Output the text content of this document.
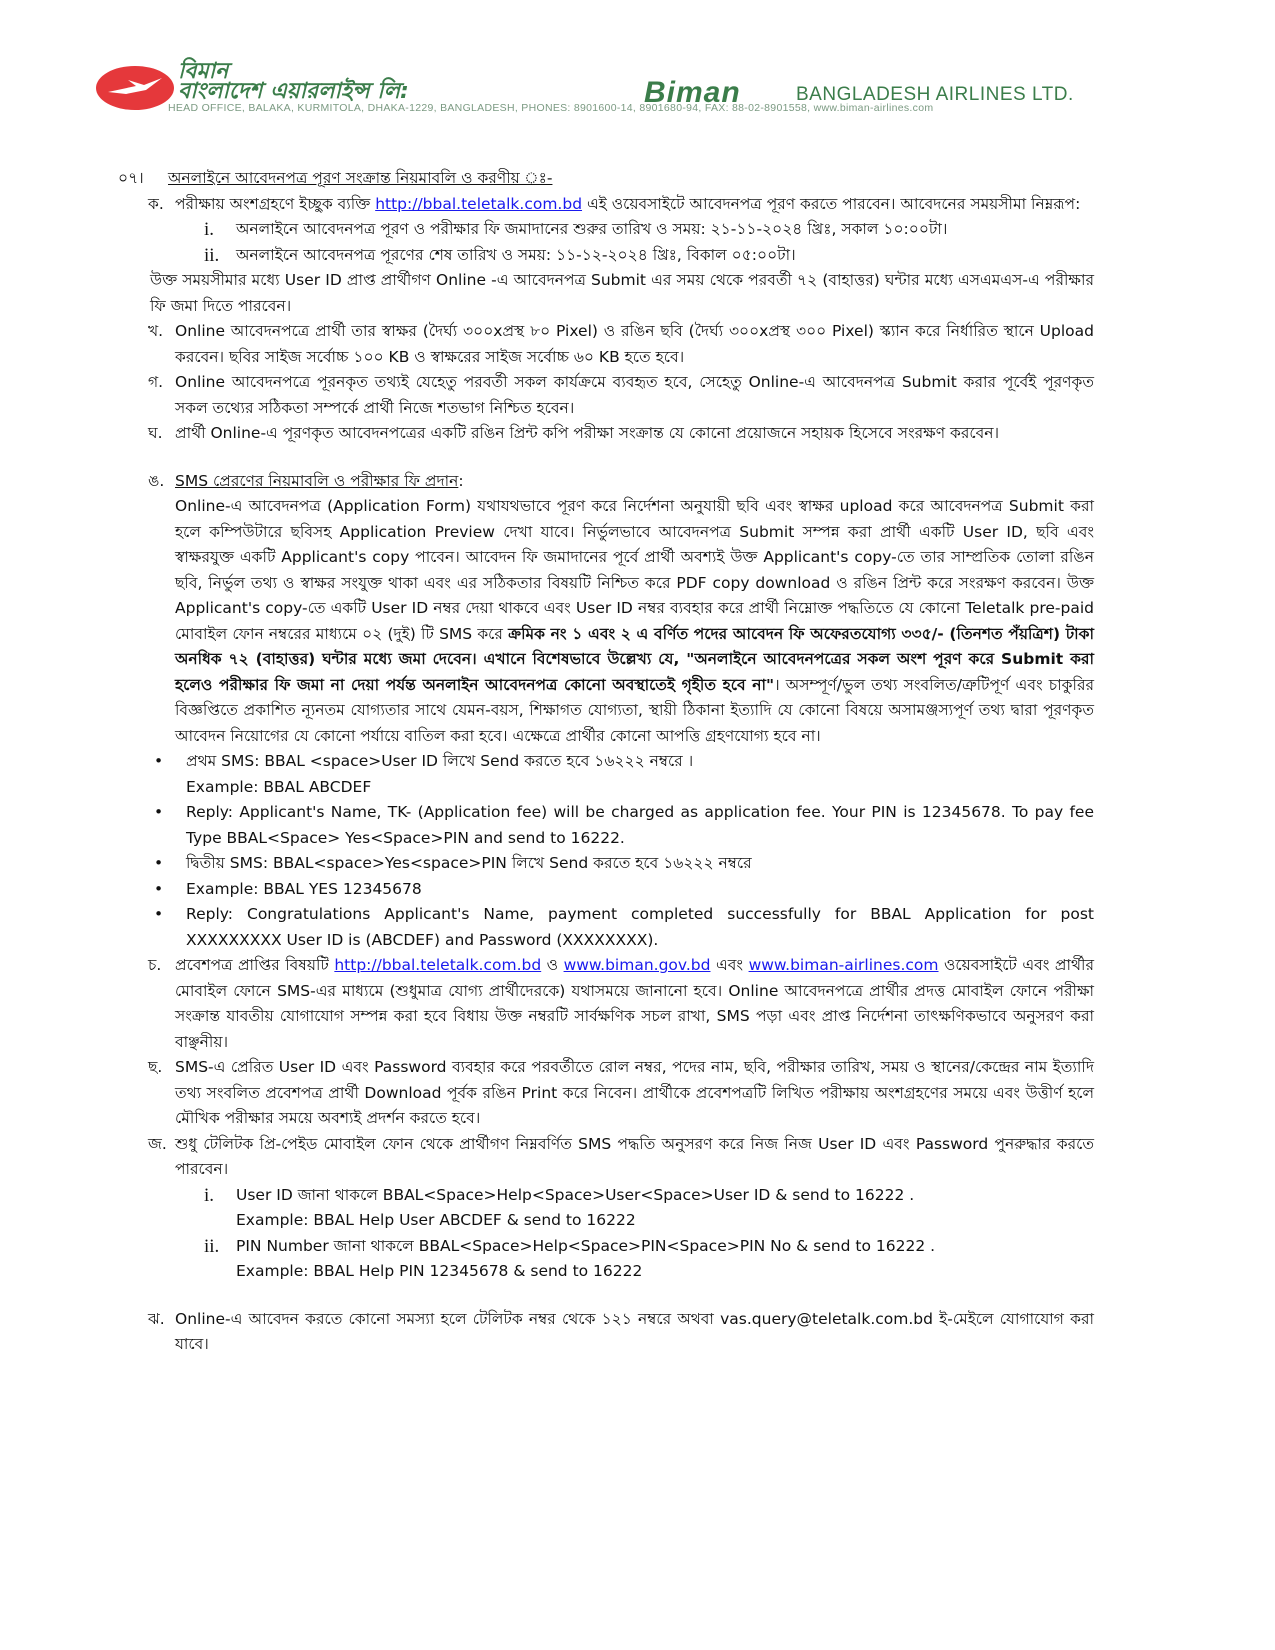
বিমান
বাংলাদেশ এয়ারলাইন্স লি:	Biman	BANGLADESH AIRLINES LTD.
HEAD OFFICE, BALAKA, KURMITOLA, DHAKA-1229, BANGLADESH, PHONES: 8901600-14, 8901680-94, FAX: 88-02-8901558, www.biman-airlines.com
০৭। অনলাইনে আবেদনপত্র পূরণ সংক্রান্ত নিয়মাবলি ও করণীয় ঃ-
ক. পরীক্ষায় অংশগ্রহণে ইচ্ছুক ব্যক্তি http://bbal.teletalk.com.bd এই ওয়েবসাইটে আবেদনপত্র পূরণ করতে পারবেন। আবেদনের সময়সীমা নিম্নরূপ:
i. অনলাইনে আবেদনপত্র পূরণ ও পরীক্ষার ফি জমাদানের শুরুর তারিখ ও সময়: ২১-১১-২০২৪ খ্রিঃ, সকাল ১০:০০টা।
ii. অনলাইনে আবেদনপত্র পূরণের শেষ তারিখ ও সময়: ১১-১২-২০২৪ খ্রিঃ, বিকাল ০৫:০০টা।
উক্ত সময়সীমার মধ্যে User ID প্রাপ্ত প্রার্থীগণ Online -এ আবেদনপত্র Submit এর সময় থেকে পরবর্তী ৭২ (বাহাত্তর) ঘন্টার মধ্যে এসএমএস-এ পরীক্ষার ফি জমা দিতে পারবেন।
খ. Online আবেদনপত্রে প্রার্থী তার স্বাক্ষর (দৈর্ঘ্য ৩০০xপ্রস্থ ৮০ Pixel) ও রঙিন ছবি (দৈর্ঘ্য ৩০০xপ্রস্থ ৩০০ Pixel) স্ক্যান করে নির্ধারিত স্থানে Upload করবেন। ছবির সাইজ সর্বোচ্চ ১০০ KB ও স্বাক্ষরের সাইজ সর্বোচ্চ ৬০ KB হতে হবে।
গ. Online আবেদনপত্রে পূরনকৃত তথ্যই যেহেতু পরবর্তী সকল কার্যক্রমে ব্যবহৃত হবে, সেহেতু Online-এ আবেদনপত্র Submit করার পূর্বেই পূরণকৃত সকল তথ্যের সঠিকতা সম্পর্কে প্রার্থী নিজে শতভাগ নিশ্চিত হবেন।
ঘ. প্রার্থী Online-এ পূরণকৃত আবেদনপত্রের একটি রঙিন প্রিন্ট কপি পরীক্ষা সংক্রান্ত যে কোনো প্রয়োজনে সহায়ক হিসেবে সংরক্ষণ করবেন।
ঙ. SMS প্রেরণের নিয়মাবলি ও পরীক্ষার ফি প্রদান:
Online-এ আবেদনপত্র (Application Form) যথাযথভাবে পূরণ করে নির্দেশনা অনুযায়ী ছবি এবং স্বাক্ষর upload করে আবেদনপত্র Submit করা হলে কম্পিউটারে ছবিসহ Application Preview দেখা যাবে। নির্ভুলভাবে আবেদনপত্র Submit সম্পন্ন করা প্রার্থী একটি User ID, ছবি এবং স্বাক্ষরযুক্ত একটি Applicant's copy পাবেন। আবেদন ফি জমাদানের পূর্বে প্রার্থী অবশ্যই উক্ত Applicant's copy-তে তার সাম্প্রতিক তোলা রঙিন ছবি, নির্ভুল তথ্য ও স্বাক্ষর সংযুক্ত থাকা এবং এর সঠিকতার বিষয়টি নিশ্চিত করে PDF copy download ও রঙিন প্রিন্ট করে সংরক্ষণ করবেন। উক্ত Applicant's copy-তে একটি User ID নম্বর দেয়া থাকবে এবং User ID নম্বর ব্যবহার করে প্রার্থী নিম্নোক্ত পদ্ধতিতে যে কোনো Teletalk pre-paid মোবাইল ফোন নম্বরের মাধ্যমে ০২ (দুই) টি SMS করে ক্রমিক নং ১ এবং ২ এ বর্ণিত পদের আবেদন ফি অফেরতযোগ্য ৩৩৫/- (তিনশত পঁয়ত্রিশ) টাকা অনধিক ৭২ (বাহাত্তর) ঘন্টার মধ্যে জমা দেবেন। এখানে বিশেষভাবে উল্লেখ্য যে, "অনলাইনে আবেদনপত্রের সকল অংশ পূরণ করে Submit করা হলেও পরীক্ষার ফি জমা না দেয়া পর্যন্ত অনলাইন আবেদনপত্র কোনো অবস্থাতেই গৃহীত হবে না"। অসম্পূর্ণ/ভুল তথ্য সংবলিত/ত্রুটিপূর্ণ এবং চাকুরির বিজ্ঞপ্তিতে প্রকাশিত ন্যূনতম যোগ্যতার সাথে যেমন-বয়স, শিক্ষাগত যোগ্যতা, স্থায়ী ঠিকানা ইত্যাদি যে কোনো বিষয়ে অসামঞ্জস্যপূর্ণ তথ্য দ্বারা পূরণকৃত আবেদন নিয়োগের যে কোনো পর্যায়ে বাতিল করা হবে। এক্ষেত্রে প্রার্থীর কোনো আপত্তি গ্রহণযোগ্য হবে না।
• প্রথম SMS: BBAL <space>User ID লিখে Send করতে হবে ১৬২২২ নম্বরে ।
Example: BBAL ABCDEF
• Reply: Applicant's Name, TK- (Application fee) will be charged as application fee. Your PIN is 12345678. To pay fee Type BBAL<Space> Yes<Space>PIN and send to 16222.
• দ্বিতীয় SMS: BBAL<space>Yes<space>PIN লিখে Send করতে হবে ১৬২২২ নম্বরে
• Example: BBAL YES 12345678
• Reply: Congratulations Applicant's Name, payment completed successfully for BBAL Application for post XXXXXXXXX User ID is (ABCDEF) and Password (XXXXXXXX).
চ. প্রবেশপত্র প্রাপ্তির বিষয়টি http://bbal.teletalk.com.bd ও www.biman.gov.bd এবং www.biman-airlines.com ওয়েবসাইটে এবং প্রার্থীর মোবাইল ফোনে SMS-এর মাধ্যমে (শুধুমাত্র যোগ্য প্রার্থীদেরকে) যথাসময়ে জানানো হবে। Online আবেদনপত্রে প্রার্থীর প্রদত্ত মোবাইল ফোনে পরীক্ষা সংক্রান্ত যাবতীয় যোগাযোগ সম্পন্ন করা হবে বিধায় উক্ত নম্বরটি সার্বক্ষণিক সচল রাখা, SMS পড়া এবং প্রাপ্ত নির্দেশনা তাৎক্ষণিকভাবে অনুসরণ করা বাঞ্ছনীয়।
ছ. SMS-এ প্রেরিত User ID এবং Password ব্যবহার করে পরবর্তীতে রোল নম্বর, পদের নাম, ছবি, পরীক্ষার তারিখ, সময় ও স্থানের/কেন্দ্রের নাম ইত্যাদি তথ্য সংবলিত প্রবেশপত্র প্রার্থী Download পূর্বক রঙিন Print করে নিবেন। প্রার্থীকে প্রবেশপত্রটি লিখিত পরীক্ষায় অংশগ্রহণের সময়ে এবং উত্তীর্ণ হলে মৌখিক পরীক্ষার সময়ে অবশ্যই প্রদর্শন করতে হবে।
জ. শুধু টেলিটক প্রি-পেইড মোবাইল ফোন থেকে প্রার্থীগণ নিম্নবর্ণিত SMS পদ্ধতি অনুসরণ করে নিজ নিজ User ID এবং Password পুনরুদ্ধার করতে পারবেন।
i. User ID জানা থাকলে BBAL<Space>Help<Space>User<Space>User ID & send to 16222 .
Example: BBAL Help User ABCDEF & send to 16222
ii. PIN Number জানা থাকলে BBAL<Space>Help<Space>PIN<Space>PIN No & send to 16222 .
Example: BBAL Help PIN 12345678 & send to 16222
ঝ. Online-এ আবেদন করতে কোনো সমস্যা হলে টেলিটক নম্বর থেকে ১২১ নম্বরে অথবা vas.query@teletalk.com.bd ই-মেইলে যোগাযোগ করা যাবে।
